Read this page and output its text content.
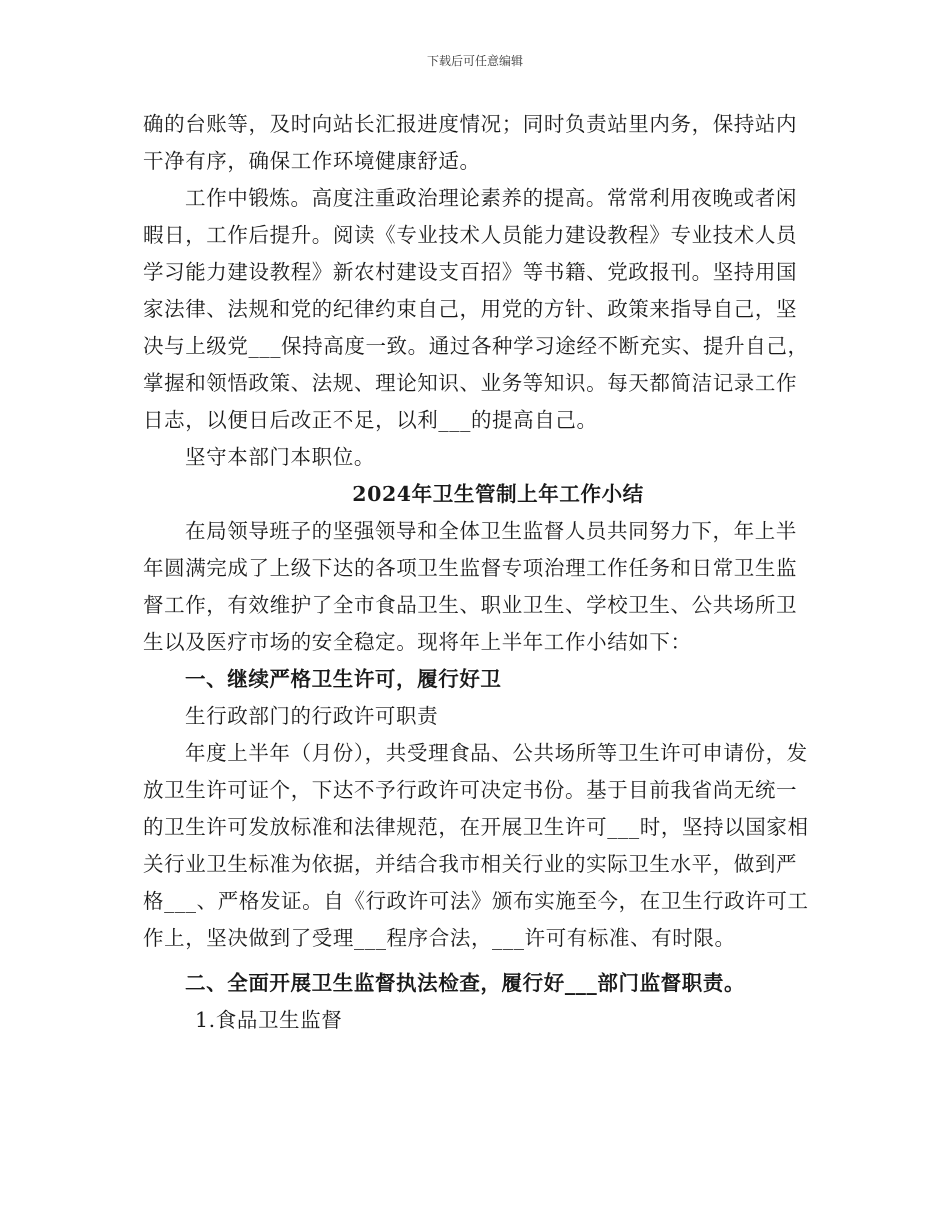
下载后可任意编辑

确的台账等，及时向站长汇报进度情况；同时负责站里内务，保持站内干净有序，确保工作环境健康舒适。

工作中锻炼。高度注重政治理论素养的提高。常常利用夜晚或者闲暇日，工作后提升。阅读《专业技术人员能力建设教程》专业技术人员学习能力建设教程》新农村建设支百招》等书籍、党政报刊。坚持用国家法律、法规和党的纪律约束自己，用党的方针、政策来指导自己，坚决与上级党___保持高度一致。通过各种学习途经不断充实、提升自己，掌握和领悟政策、法规、理论知识、业务等知识。每天都简洁记录工作日志，以便日后改正不足，以利___的提高自己。

坚守本部门本职位。

2024年卫生管制上年工作小结

在局领导班子的坚强领导和全体卫生监督人员共同努力下，年上半年圆满完成了上级下达的各项卫生监督专项治理工作任务和日常卫生监督工作，有效维护了全市食品卫生、职业卫生、学校卫生、公共场所卫生以及医疗市场的安全稳定。现将年上半年工作小结如下：

一、继续严格卫生许可，履行好卫

生行政部门的行政许可职责

年度上半年（月份），共受理食品、公共场所等卫生许可申请份，发放卫生许可证个，下达不予行政许可决定书份。基于目前我省尚无统一的卫生许可发放标准和法律规范，在开展卫生许可___时，坚持以国家相关行业卫生标准为依据，并结合我市相关行业的实际卫生水平，做到严格___、严格发证。自《行政许可法》颁布实施至今，在卫生行政许可工作上，坚决做到了受理___程序合法，___许可有标准、有时限。

二、全面开展卫生监督执法检查，履行好___部门监督职责。

1.食品卫生监督
